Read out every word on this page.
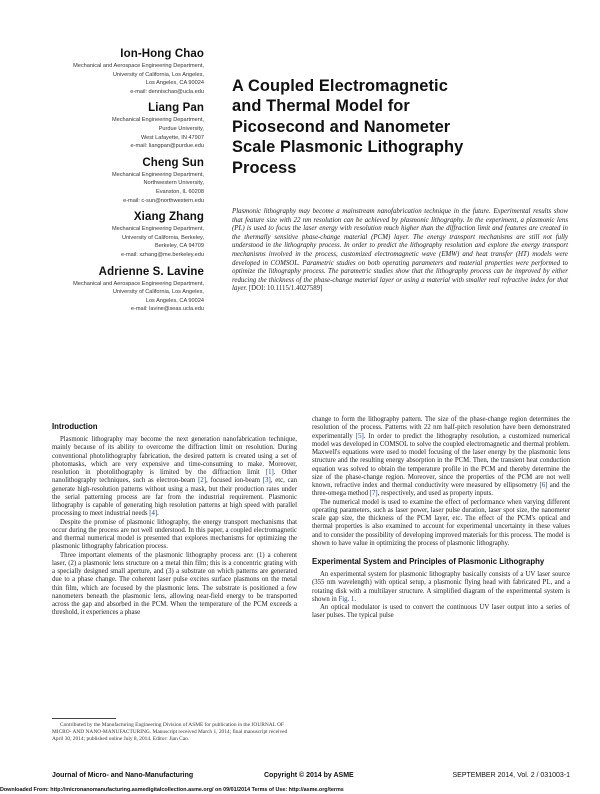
Ion-Hong Chao
Mechanical and Aerospace Engineering Department,
University of California, Los Angeles,
Los Angeles, CA 90024
e-mail: dennischao@ucla.edu
Liang Pan
Mechanical Engineering Department,
Purdue University,
West Lafayette, IN 47907
e-mail: liangpan@purdue.edu
Cheng Sun
Mechanical Engineering Department,
Northwestern University,
Evanston, IL 60208
e-mail: c-sun@northwestern.edu
Xiang Zhang
Mechanical Engineering Department,
University of California, Berkeley,
Berkeley, CA 94709
e-mail: xzhang@me.berkeley.edu
Adrienne S. Lavine
Mechanical and Aerospace Engineering Department,
University of California, Los Angeles,
Los Angeles, CA 90024
e-mail: lavine@seas.ucla.edu
A Coupled Electromagnetic
and Thermal Model for
Picosecond and Nanometer
Scale Plasmonic Lithography
Process
Plasmonic lithography may become a mainstream nanofabrication technique in the future. Experimental results show that feature size with 22 nm resolution can be achieved by plasmonic lithography. In the experiment, a plasmonic lens (PL) is used to focus the laser energy with resolution much higher than the diffraction limit and features are created in the thermally sensitive phase-change material (PCM) layer. The energy transport mechanisms are still not fully understood in the lithography process. In order to predict the lithography resolution and explore the energy transport mechanisms involved in the process, customized electromagnetic wave (EMW) and heat transfer (HT) models were developed in COMSOL. Parametric studies on both operating parameters and material properties were performed to optimize the lithography process. The parametric studies show that the lithography process can be improved by either reducing the thickness of the phase-change material layer or using a material with smaller real refractive index for that layer. [DOI: 10.1115/1.4027589]
Introduction

Plasmonic lithography may become the next generation nanofabrication technique, mainly because of its ability to overcome the diffraction limit on resolution. During conventional photolithography fabrication, the desired pattern is created using a set of photomasks, which are very expensive and time-consuming to make. Moreover, resolution in photolithography is limited by the diffraction limit [1]. Other nanolithography techniques, such as electron-beam [2], focused ion-beam [3], etc, can generate high-resolution patterns without using a mask, but their production rates under the serial patterning process are far from the industrial requirement. Plasmonic lithography is capable of generating high resolution patterns at high speed with parallel processing to meet industrial needs [4].

Despite the promise of plasmonic lithography, the energy transport mechanisms that occur during the process are not well understood. In this paper, a coupled electromagnetic and thermal numerical model is presented that explores mechanisms for optimizing the plasmonic lithography fabrication process.

Three important elements of the plasmonic lithography process are: (1) a coherent laser, (2) a plasmonic lens structure on a metal thin film; this is a concentric grating with a specially designed small aperture, and (3) a substrate on which patterns are generated due to a phase change. The coherent laser pulse excites surface plasmons on the metal thin film, which are focused by the plasmonic lens. The substrate is positioned a few nanometers beneath the plasmonic lens, allowing near-field energy to be transported across the gap and absorbed in the PCM. When the temperature of the PCM exceeds a threshold, it experiences a phase

change to form the lithography pattern. The size of the phase-change region determines the resolution of the process. Patterns with 22 nm half-pitch resolution have been demonstrated experimentally [5]. In order to predict the lithography resolution, a customized numerical model was developed in COMSOL to solve the coupled electromagnetic and thermal problem. Maxwell's equations were used to model focusing of the laser energy by the plasmonic lens structure and the resulting energy absorption in the PCM. Then, the transient heat conduction equation was solved to obtain the temperature profile in the PCM and thereby determine the size of the phase-change region. Moreover, since the properties of the PCM are not well known, refractive index and thermal conductivity were measured by ellipsometry [6] and the three-omega method [7], respectively, and used as property inputs.

The numerical model is used to examine the effect of performance when varying different operating parameters, such as laser power, laser pulse duration, laser spot size, the nanometer scale gap size, the thickness of the PCM layer, etc. The effect of the PCM's optical and thermal properties is also examined to account for experimental uncertainty in these values and to consider the possibility of developing improved materials for this process. The model is shown to have value in optimizing the process of plasmonic lithography.

Experimental System and Principles of Plasmonic Lithography

An experimental system for plasmonic lithography basically consists of a UV laser source (355 nm wavelength) with optical setup, a plasmonic flying head with fabricated PL, and a rotating disk with a multilayer structure. A simplified diagram of the experimental system is shown in Fig. 1.

An optical modulator is used to convert the continuous UV laser output into a series of laser pulses. The typical pulse

Contributed by the Manufacturing Engineering Division of ASME for publication in the JOURNAL OF MICRO- AND NANO-MANUFACTURING. Manuscript received March 1, 2014; final manuscript received April 30, 2014; published online July 8, 2014. Editor: Jian Cao.
Journal of Micro- and Nano-Manufacturing	Copyright © 2014 by ASME	SEPTEMBER 2014, Vol. 2 / 031003-1
Downloaded From: http://micronanomanufacturing.asmedigitalcollection.asme.org/ on 09/01/2014 Terms of Use: http://asme.org/terms
